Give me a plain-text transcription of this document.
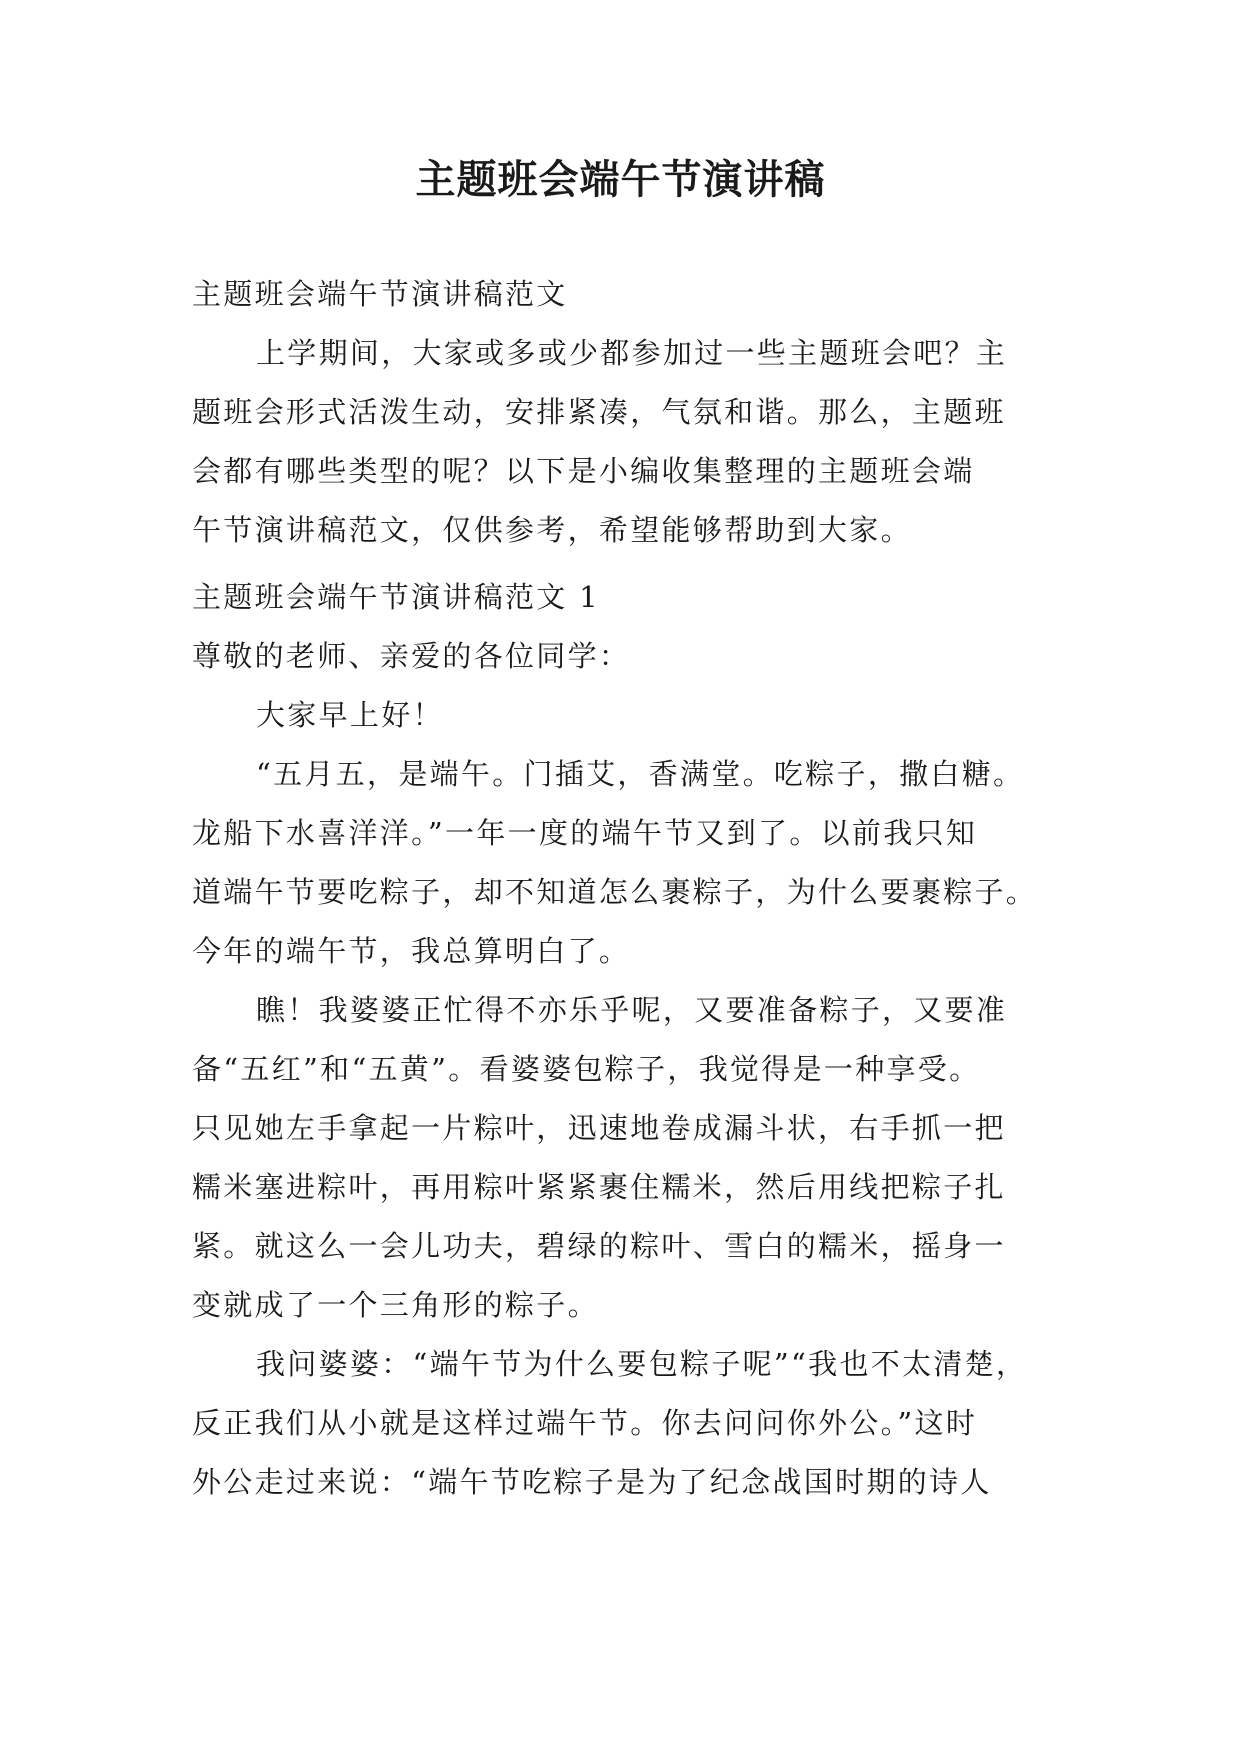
主题班会端午节演讲稿
主题班会端午节演讲稿范文
上学期间，大家或多或少都参加过一些主题班会吧？主
题班会形式活泼生动，安排紧凑，气氛和谐。那么，主题班
会都有哪些类型的呢？以下是小编收集整理的主题班会端
午节演讲稿范文，仅供参考，希望能够帮助到大家。
主题班会端午节演讲稿范文 1
尊敬的老师、亲爱的各位同学：
大家早上好！
“五月五，是端午。门插艾，香满堂。吃粽子，撒白糖。
龙船下水喜洋洋。”一年一度的端午节又到了。以前我只知
道端午节要吃粽子，却不知道怎么裹粽子，为什么要裹粽子。
今年的端午节，我总算明白了。
瞧！我婆婆正忙得不亦乐乎呢，又要准备粽子，又要准
备“五红”和“五黄”。看婆婆包粽子，我觉得是一种享受。
只见她左手拿起一片粽叶，迅速地卷成漏斗状，右手抓一把
糯米塞进粽叶，再用粽叶紧紧裹住糯米，然后用线把粽子扎
紧。就这么一会儿功夫，碧绿的粽叶、雪白的糯米，摇身一
变就成了一个三角形的粽子。
我问婆婆：“端午节为什么要包粽子呢”“我也不太清楚，
反正我们从小就是这样过端午节。你去问问你外公。”这时
外公走过来说：“端午节吃粽子是为了纪念战国时期的诗人
